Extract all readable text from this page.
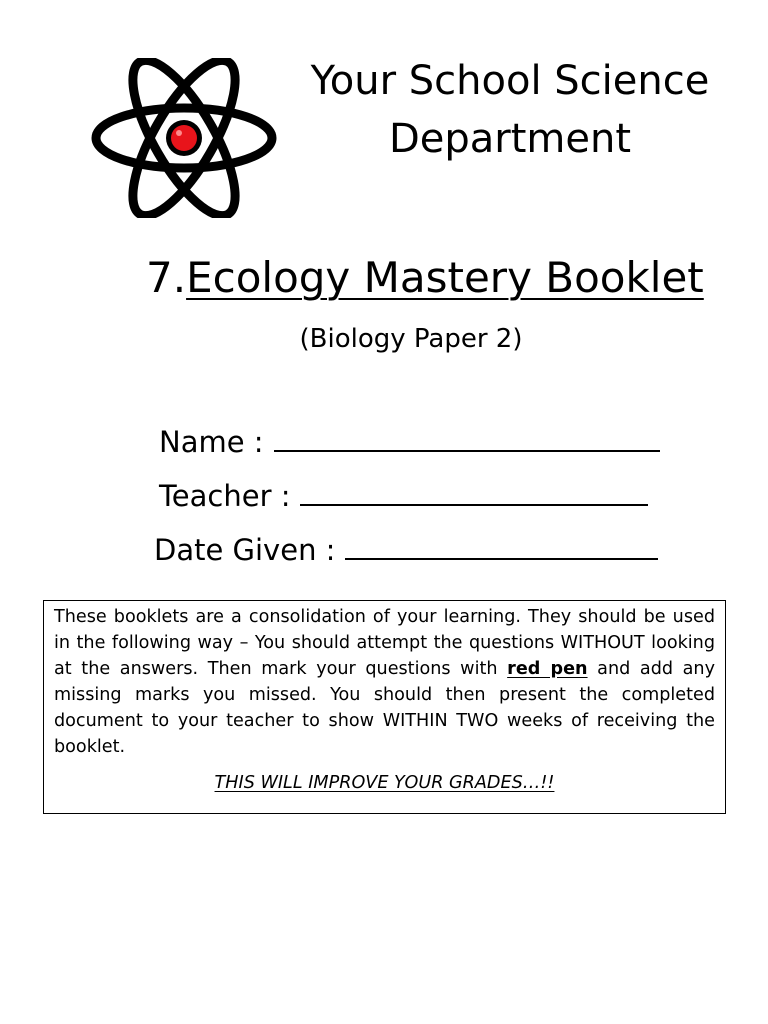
Your School Science
Department
7.Ecology Mastery Booklet

(Biology Paper 2)

Name :
Teacher :
Date Given :

These booklets are a consolidation of your learning. They should be used in the following way – You should attempt the questions WITHOUT looking at the answers. Then mark your questions with red pen and add any missing marks you missed. You should then present the completed document to your teacher to show WITHIN TWO weeks of receiving the booklet.

THIS WILL IMPROVE YOUR GRADES…!!
